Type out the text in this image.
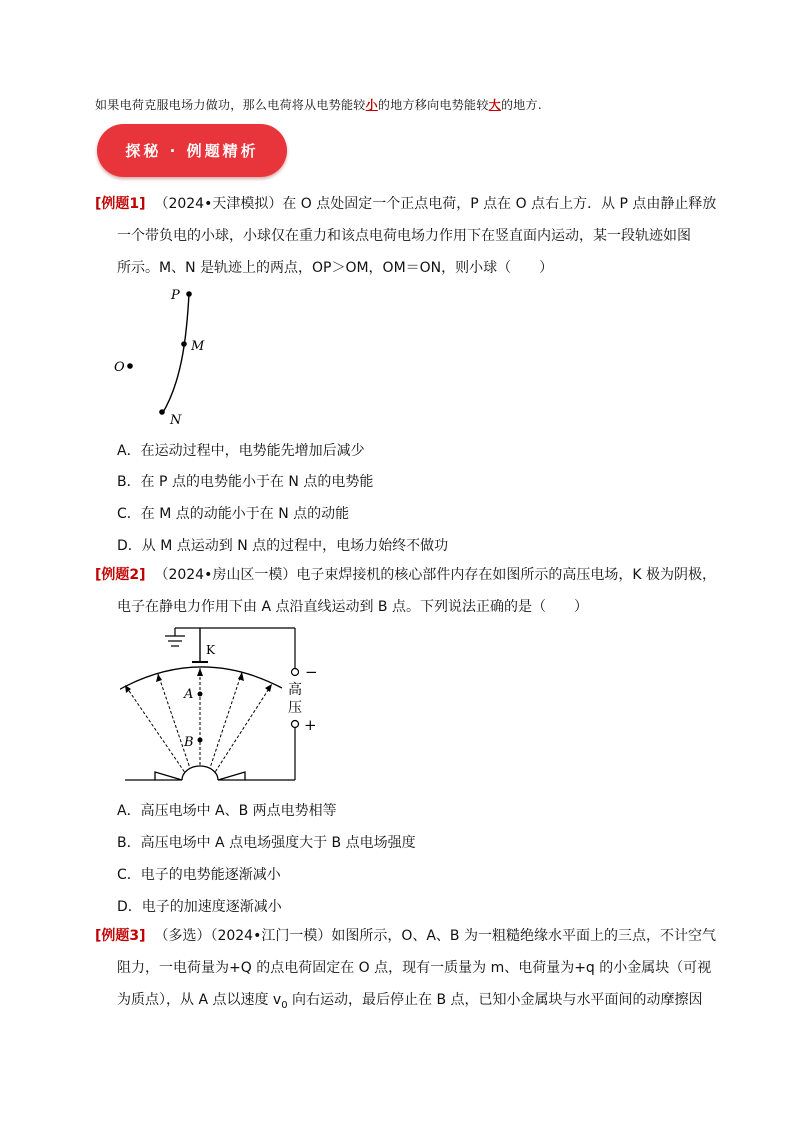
如果电荷克服电场力做功，那么电荷将从电势能较小的地方移向电势能较大的地方.
探秘 · 例题精析
[例题1] （2024•天津模拟）在 O 点处固定一个正点电荷，P 点在 O 点右上方．从 P 点由静止释放
一个带负电的小球，小球仅在重力和该点电荷电场力作用下在竖直面内运动，某一段轨迹如图
所示。M、N 是轨迹上的两点，OP＞OM，OM＝ON，则小球（　　）
P
M
O
N
A．在运动过程中，电势能先增加后减少
B．在 P 点的电势能小于在 N 点的电势能
C．在 M 点的动能小于在 N 点的动能
D．从 M 点运动到 N 点的过程中，电场力始终不做功
[例题2] （2024•房山区一模）电子束焊接机的核心部件内存在如图所示的高压电场，K 极为阴极，
电子在静电力作用下由 A 点沿直线运动到 B 点。下列说法正确的是（　　）
K
A
B
−
+
高
压
A．高压电场中 A、B 两点电势相等
B．高压电场中 A 点电场强度大于 B 点电场强度
C．电子的电势能逐渐减小
D．电子的加速度逐渐减小
[例题3] （多选）（2024•江门一模）如图所示，O、A、B 为一粗糙绝缘水平面上的三点，不计空气
阻力，一电荷量为+Q 的点电荷固定在 O 点，现有一质量为 m、电荷量为+q 的小金属块（可视
为质点），从 A 点以速度 $v_0$ 向右运动，最后停止在 B 点，已知小金属块与水平面间的动摩擦因
